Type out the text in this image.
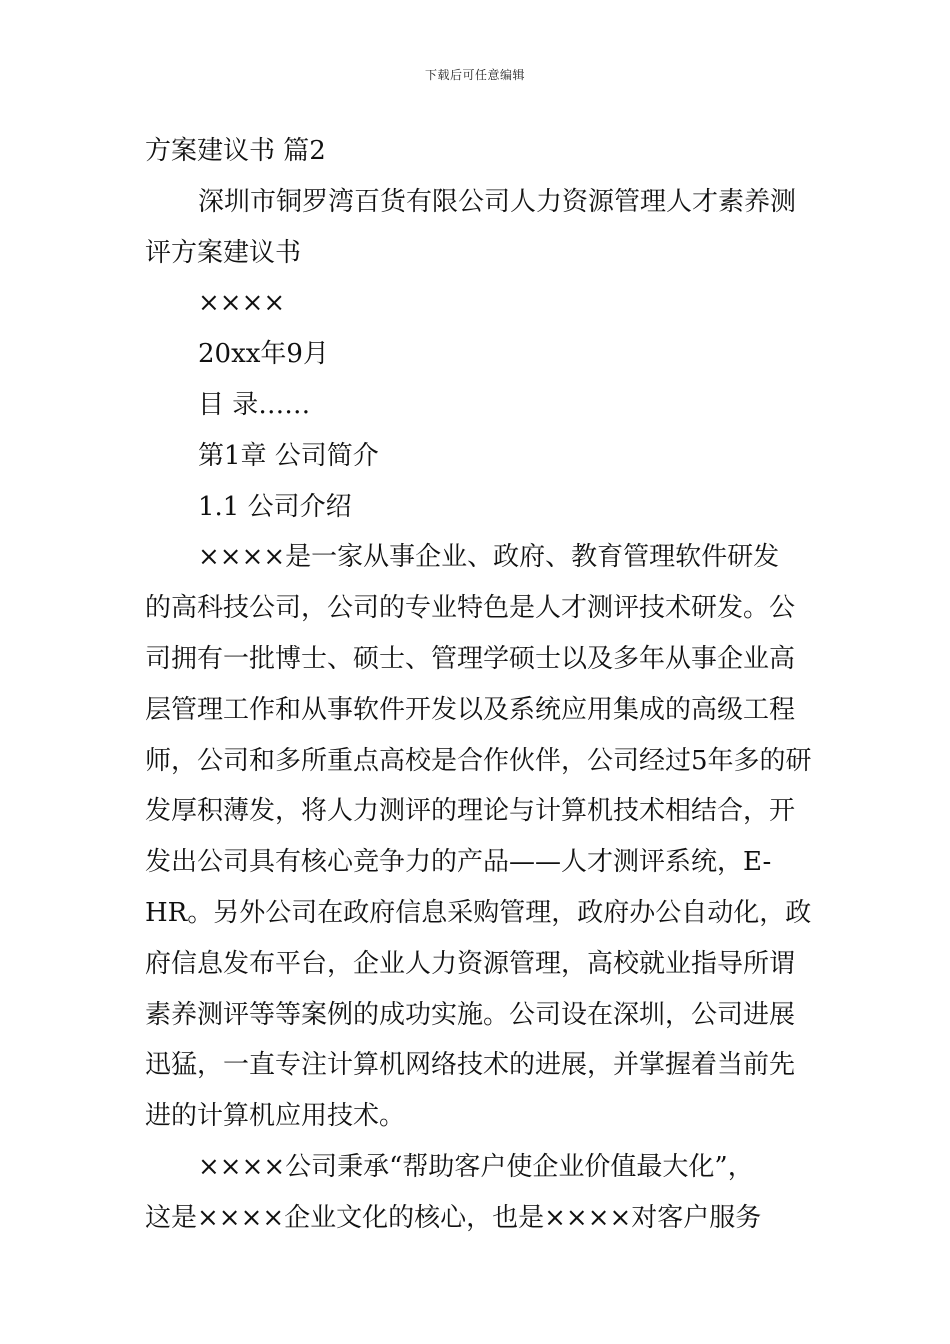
下载后可任意编辑
方案建议书 篇2
深圳市铜罗湾百货有限公司人力资源管理人才素养测
评方案建议书
××××
20xx年9月
目 录……
第1章 公司简介
1.1 公司介绍
××××是一家从事企业、政府、教育管理软件研发
的高科技公司，公司的专业特色是人才测评技术研发。公
司拥有一批博士、硕士、管理学硕士以及多年从事企业高
层管理工作和从事软件开发以及系统应用集成的高级工程
师，公司和多所重点高校是合作伙伴，公司经过5年多的研
发厚积薄发，将人力测评的理论与计算机技术相结合，开
发出公司具有核心竞争力的产品——人才测评系统，E-
HR。另外公司在政府信息采购管理，政府办公自动化，政
府信息发布平台，企业人力资源管理，高校就业指导所谓
素养测评等等案例的成功实施。公司设在深圳，公司进展
迅猛，一直专注计算机网络技术的进展，并掌握着当前先
进的计算机应用技术。
××××公司秉承“帮助客户使企业价值最大化”，
这是××××企业文化的核心，也是××××对客户服务
